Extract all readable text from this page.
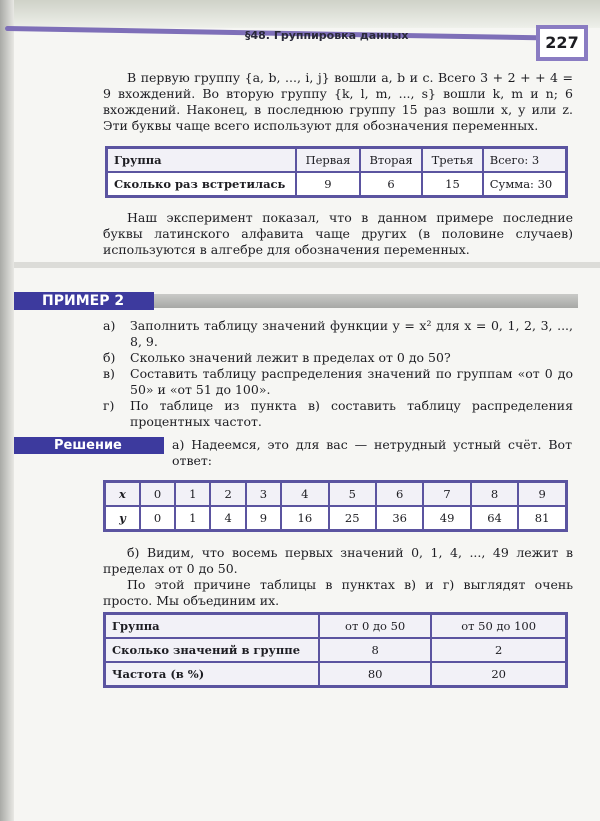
§48. Группировка данных	227
В первую группу {a, b, ..., i, j} вошли a, b и c. Всего 3 + 2 + + 4 = 9 вхождений. Во вторую группу {k, l, m, ..., s} вошли k, m и n; 6 вхождений. Наконец, в последнюю группу 15 раз вошли x, y или z. Эти буквы чаще всего используют для обозначения переменных.
Группа	Первая	Вторая	Третья	Всего: 3
Сколько раз встретилась	9	6	15	Сумма: 30
Наш эксперимент показал, что в данном примере последние буквы латинского алфавита чаще других (в половине случаев) используются в алгебре для обозначения переменных.
ПРИМЕР 2
а) Заполнить таблицу значений функции y = x² для x = 0, 1, 2, 3, ..., 8, 9.
б) Сколько значений лежит в пределах от 0 до 50?
в) Составить таблицу распределения значений по группам «от 0 до 50» и «от 51 до 100».
г) По таблице из пункта в) составить таблицу распределения процентных частот.
Решение	а) Надеемся, это для вас — нетрудный устный счёт. Вот ответ:
x	0	1	2	3	4	5	6	7	8	9
y	0	1	4	9	16	25	36	49	64	81
б) Видим, что восемь первых значений 0, 1, 4, ..., 49 лежит в пределах от 0 до 50.
По этой причине таблицы в пунктах в) и г) выглядят очень просто. Мы объединим их.
Группа	от 0 до 50	от 50 до 100
Сколько значений в группе	8	2
Частота (в %)	80	20
